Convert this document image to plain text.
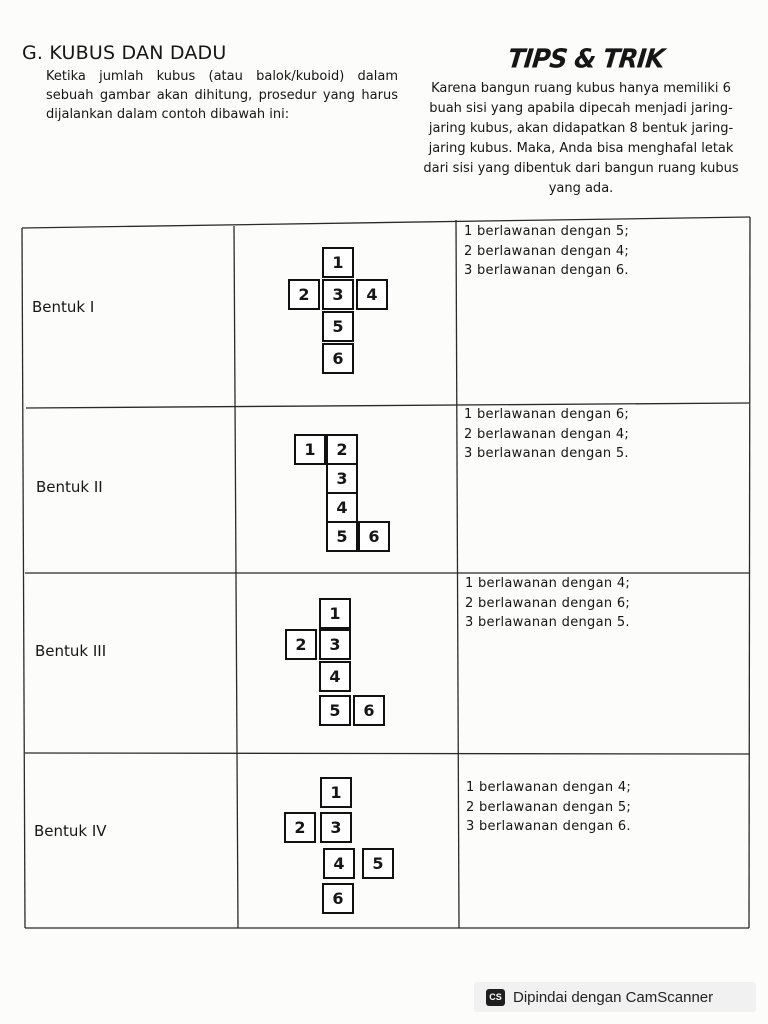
G. KUBUS DAN DADU
Ketika jumlah kubus (atau balok/kuboid) dalam sebuah gambar akan dihitung, prosedur yang harus dijalankan dalam contoh dibawah ini:
TIPS & TRIK
Karena bangun ruang kubus hanya memiliki 6 buah sisi yang apabila dipecah menjadi jaring-jaring kubus, akan didapatkan 8 bentuk jaring-jaring kubus. Maka, Anda bisa menghafal letak dari sisi yang dibentuk dari bangun ruang kubus yang ada.
Bentuk I
1
2	3	4
5
6
1 berlawanan dengan 5;
2 berlawanan dengan 4;
3 berlawanan dengan 6.
Bentuk II
1	2
3
4
5	6
1 berlawanan dengan 6;
2 berlawanan dengan 4;
3 berlawanan dengan 5.
Bentuk III
1
2	3
4
5	6
1 berlawanan dengan 4;
2 berlawanan dengan 6;
3 berlawanan dengan 5.
Bentuk IV
1
2	3
4	5
6
1 berlawanan dengan 4;
2 berlawanan dengan 5;
3 berlawanan dengan 6.
CS Dipindai dengan CamScanner
